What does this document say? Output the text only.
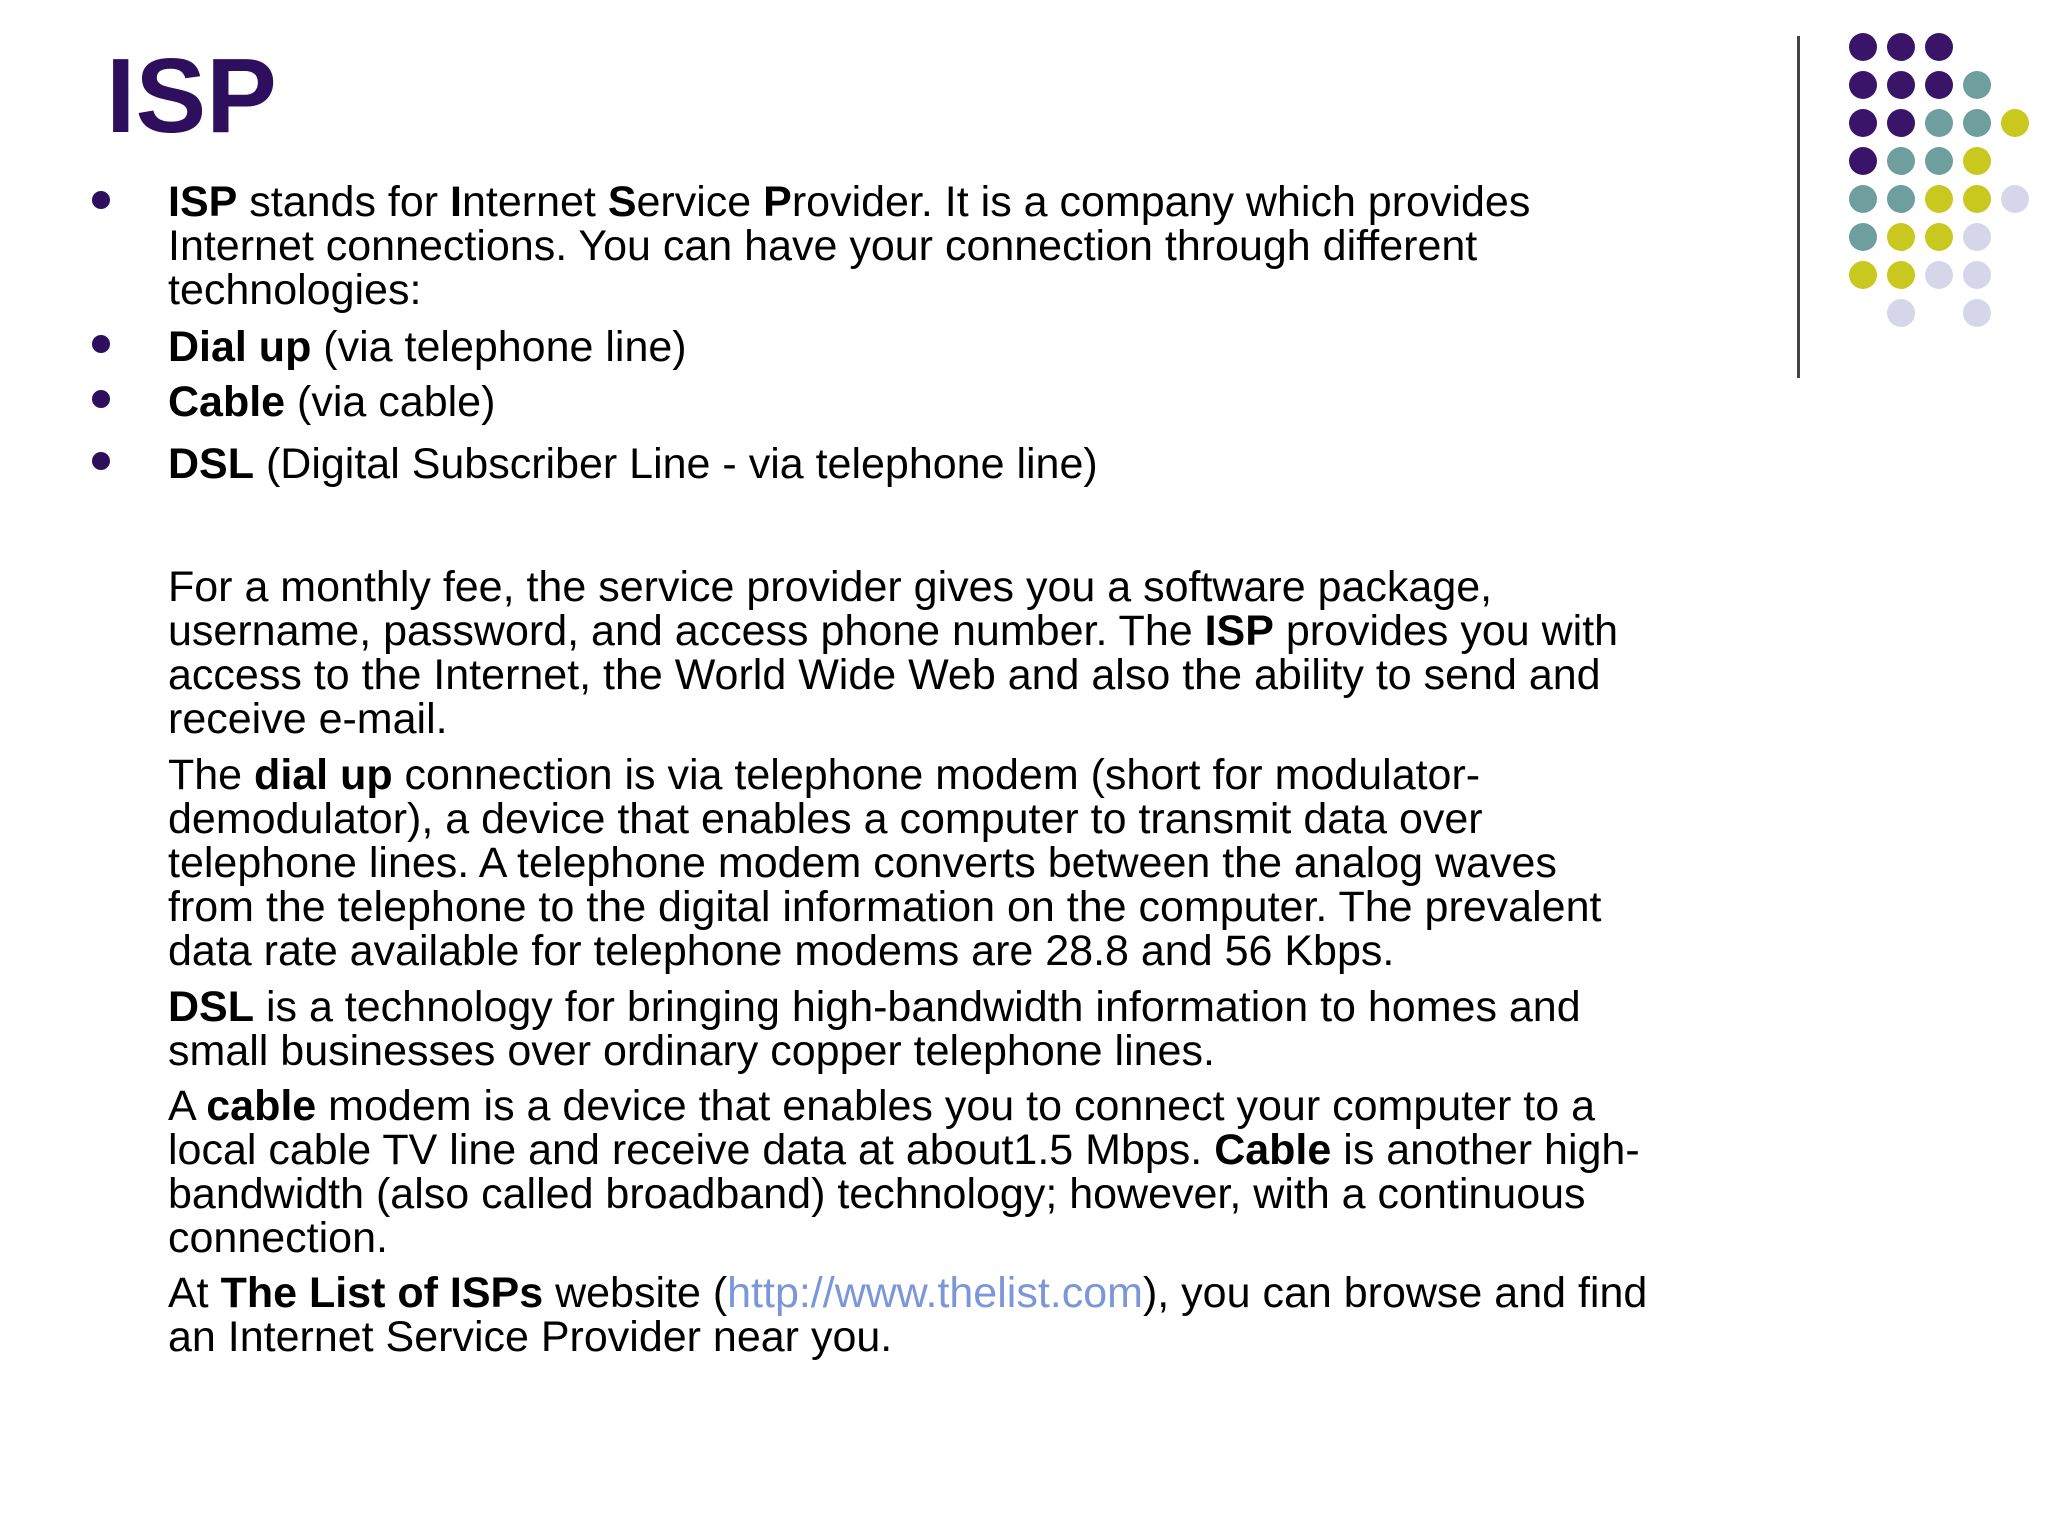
ISP
ISP stands for Internet Service Provider. It is a company which provides
Internet connections. You can have your connection through different
technologies:
Dial up (via telephone line)
Cable (via cable)
DSL (Digital Subscriber Line - via telephone line)
For a monthly fee, the service provider gives you a software package,
username, password, and access phone number. The ISP provides you with
access to the Internet, the World Wide Web and also the ability to send and
receive e-mail.
The dial up connection is via telephone modem (short for modulator-
demodulator), a device that enables a computer to transmit data over
telephone lines. A telephone modem converts between the analog waves
from the telephone to the digital information on the computer. The prevalent
data rate available for telephone modems are 28.8 and 56 Kbps.
DSL is a technology for bringing high-bandwidth information to homes and
small businesses over ordinary copper telephone lines.
A cable modem is a device that enables you to connect your computer to a
local cable TV line and receive data at about1.5 Mbps. Cable is another high-
bandwidth (also called broadband) technology; however, with a continuous
connection.
At The List of ISPs website (http://www.thelist.com), you can browse and find
an Internet Service Provider near you.
